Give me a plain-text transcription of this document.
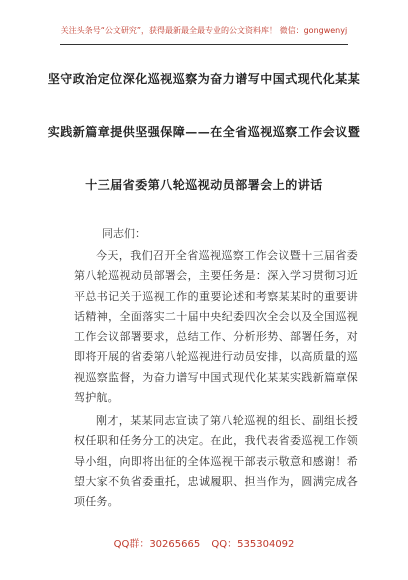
关注头条号“公文研究”，获得最新最全最专业的公文资料库！ 微信：gongwenyj
坚守政治定位深化巡视巡察为奋力谱写中国式现代化某某
实践新篇章提供坚强保障——在全省巡视巡察工作会议暨
十三届省委第八轮巡视动员部署会上的讲话
同志们：

今天，我们召开全省巡视巡察工作会议暨十三届省委第八轮巡视动员部署会，主要任务是：深入学习贯彻习近平总书记关于巡视工作的重要论述和考察某某时的重要讲话精神，全面落实二十届中央纪委四次全会以及全国巡视工作会议部署要求，总结工作、分析形势、部署任务，对即将开展的省委第八轮巡视进行动员安排，以高质量的巡视巡察监督，为奋力谱写中国式现代化某某实践新篇章保驾护航。

刚才，某某同志宣读了第八轮巡视的组长、副组长授权任职和任务分工的决定。在此，我代表省委巡视工作领导小组，向即将出征的全体巡视干部表示敬意和感谢！希望大家不负省委重托，忠诚履职、担当作为，圆满完成各项任务。

QQ群：30265665 QQ：535304092
